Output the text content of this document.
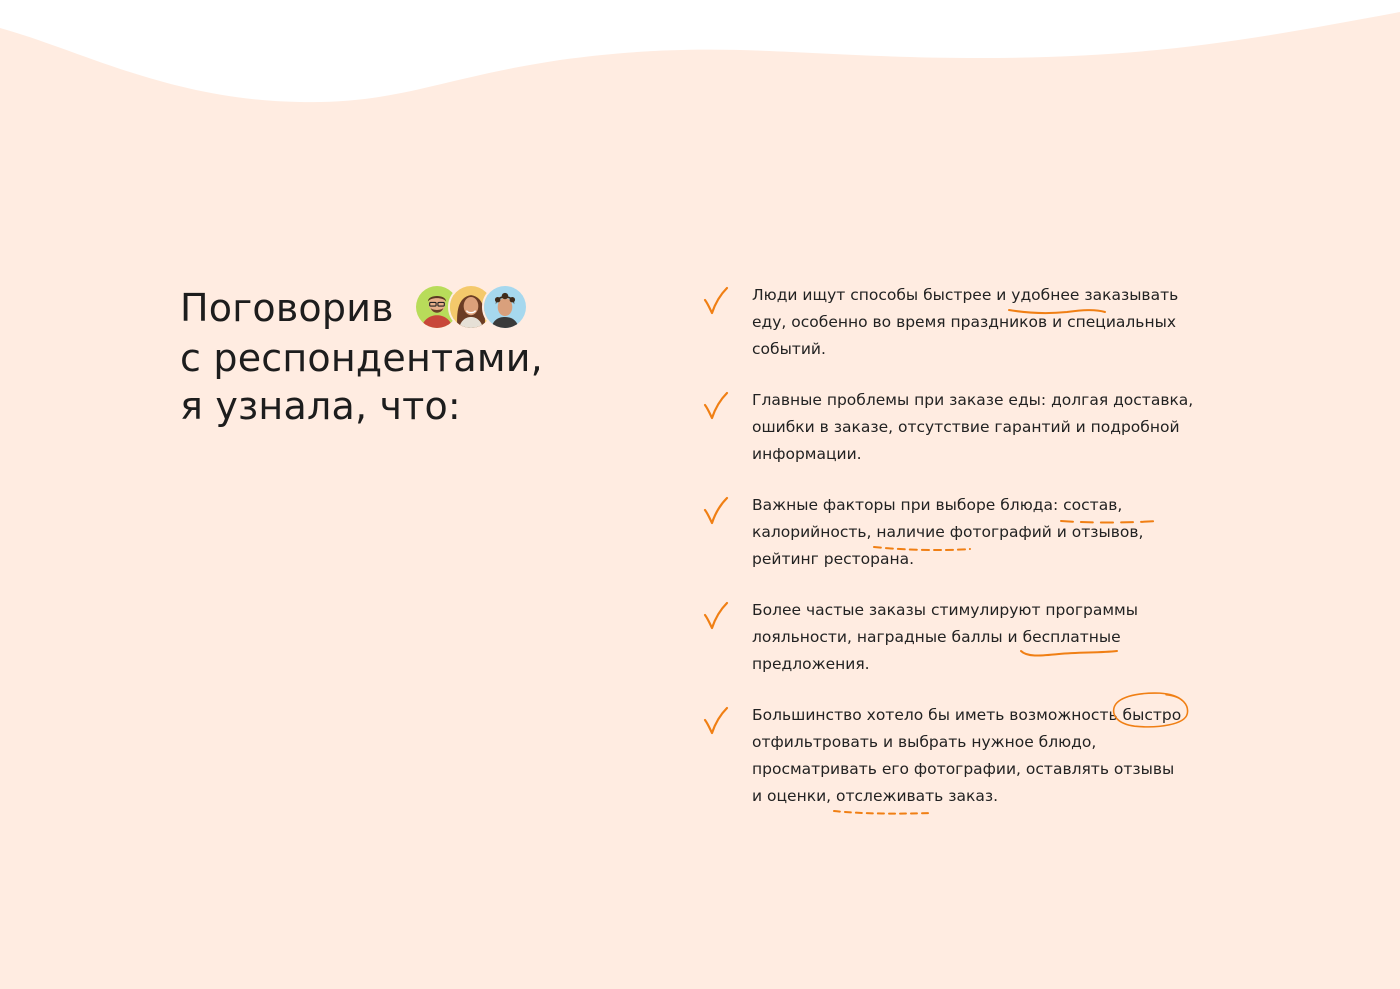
Поговорив
с респондентами,
я узнала, что:
Люди ищут способы быстрее и удобнее
заказывать
еду, особенно во время праздников и специальных
событий.
Главные проблемы при заказе еды: долгая доставка,
ошибки в заказе, отсутствие гарантий и подробной
информации.
Важные факторы при выборе блюда: состав
,
калорийность, наличие фотографий
и отзывов,
рейтинг ресторана.
Более частые заказы стимулируют программы
лояльности, наградные баллы и бесплатные
предложения.
Большинство хотело бы иметь возможность быстро
отфильтровать и выбрать нужное блюдо,
просматривать его фотографии, оставлять отзывы
и оценки, отслеживать заказ
.
